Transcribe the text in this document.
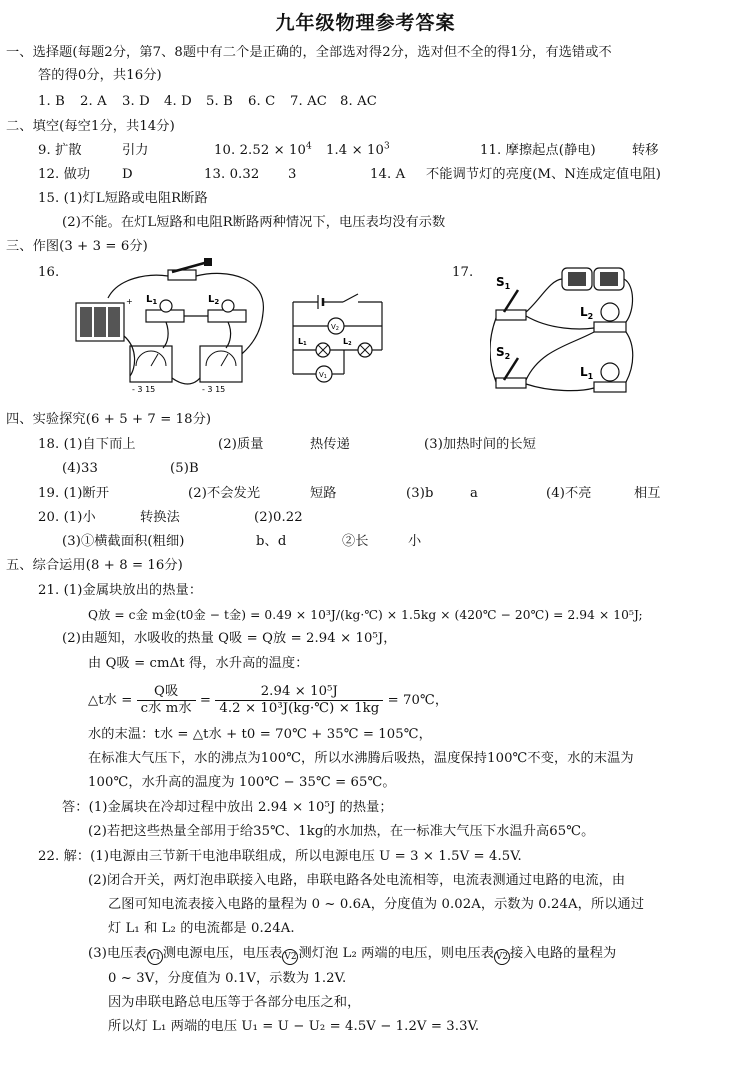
九年级物理参考答案
一、选择题(每题2分，第7、8题中有二个是正确的，全部选对得2分，选对但不全的得1分，有选错或不
答的得0分，共16分)
1. B 2. A 3. D 4. D 5. B 6. C 7. AC 8. AC
二、填空(每空1分，共14分)
9. 扩散	引力	10. $2.52 \times 10^4$ $1.4 \times 10^3$	11. 摩擦起点(静电)	转移
12. 做功 D	13. 0.32 3	14. A 不能调节灯的亮度(M、N连成定值电阻)
15. (1)灯L短路或电阻R断路
(2)不能。在灯L短路和电阻R断路两种情况下，电压表均没有示数
三、作图(3 + 3 = 6分)
16.	17.
+ $L_1$	$L_2$
- 3 15	- 3 15
V2
L1	L2
V1
$S_1$
$S_2$
$L_2$
$L_1$
四、实验探究(6 + 5 + 7 = 18分)
18. (1)自下而上	(2)质量	热传递	(3)加热时间的长短
(4)33	(5)B
19. (1)断开	(2)不会发光	短路	(3)b	a	(4)不亮	相互
20. (1)小	转换法	(2)0.22
(3)①横截面积(粗细)	b、d	②长	小
五、综合运用(8 + 8 = 16分)
21. (1)金属块放出的热量：
Q放 = c金 m金(t0金 − t金) = 0.49 × 10³J/(kg·℃) × 1.5kg × (420℃ − 20℃) = 2.94 × 10⁵J;
(2)由题知，水吸收的热量 Q吸 = Q放 = 2.94 × 10⁵J，
由 Q吸 = cmΔt 得，水升高的温度：
△t水 = $\frac{\text{Q吸}}{\text{c水 m水}} = \frac{\text{2.94 × 10⁵J}}{\text{4.2 × 10³J(kg·℃) × 1kg}}$ = 70℃，
水的末温：t水 = △t水 + t0 = 70℃ + 35℃ = 105℃，
在标准大气压下，水的沸点为100℃，所以水沸腾后吸热，温度保持100℃不变，水的末温为
100℃，水升高的温度为 100℃ − 35℃ = 65℃。
答：(1)金属块在冷却过程中放出 2.94 × 10⁵J 的热量；
(2)若把这些热量全部用于给35℃、1kg的水加热，在一标准大气压下水温升高65℃。
22. 解：(1)电源由三节新干电池串联组成，所以电源电压 U = 3 × 1.5V = 4.5V.
(2)闭合开关，两灯泡串联接入电路，串联电路各处电流相等，电流表测通过电路的电流，由
乙图可知电流表接入电路的量程为 0 ~ 0.6A，分度值为 0.02A，示数为 0.24A，所以通过
灯 L₁ 和 L₂ 的电流都是 0.24A.
(3)电压表 V1 测电源电压，电压表 V2 测灯泡 L₂ 两端的电压，则电压表 V2 接入电路的量程为
0 ~ 3V，分度值为 0.1V，示数为 1.2V.
因为串联电路总电压等于各部分电压之和，
所以灯 L₁ 两端的电压 U₁ = U − U₂ = 4.5V − 1.2V = 3.3V.
